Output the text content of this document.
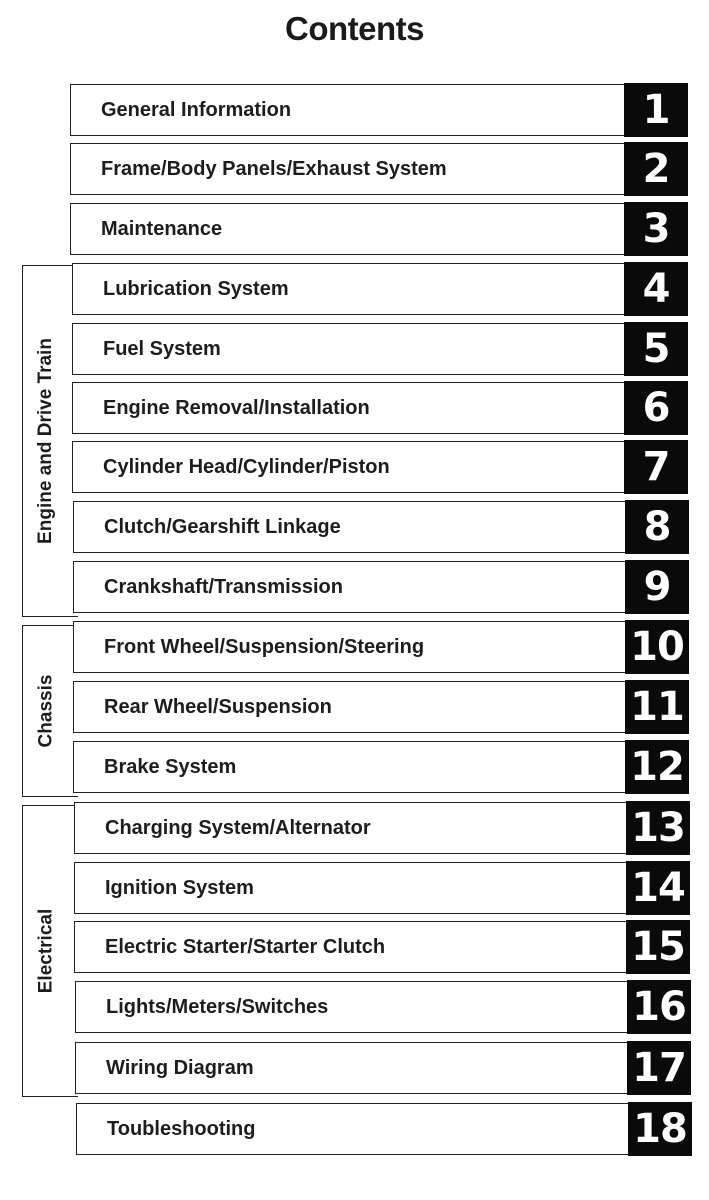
Contents
Engine and Drive Train
Chassis
Electrical
General Information	1
Frame/Body Panels/Exhaust System	2
Maintenance	3
Lubrication System	4
Fuel System	5
Engine Removal/Installation	6
Cylinder Head/Cylinder/Piston	7
Clutch/Gearshift Linkage	8
Crankshaft/Transmission	9
Front Wheel/Suspension/Steering	10
Rear Wheel/Suspension	11
Brake System	12
Charging System/Alternator	13
Ignition System	14
Electric Starter/Starter Clutch	15
Lights/Meters/Switches	16
Wiring Diagram	17
Toubleshooting	18
